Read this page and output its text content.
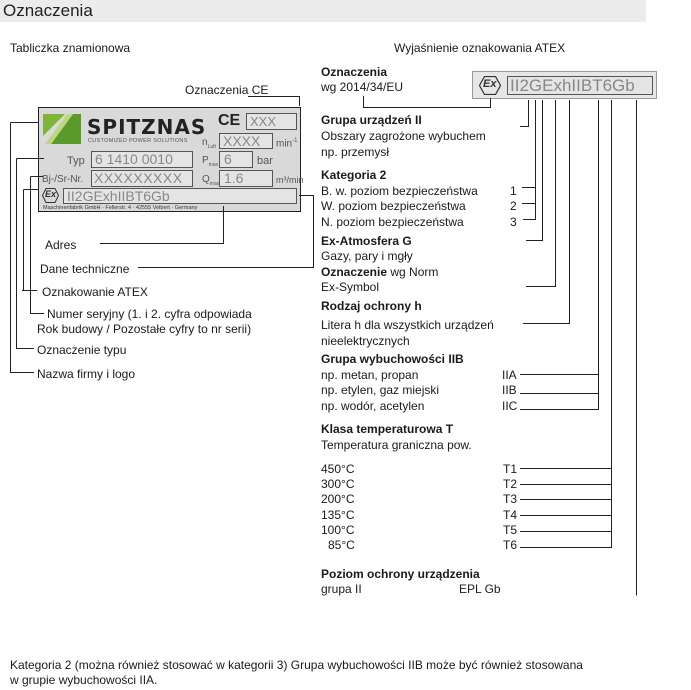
Oznaczenia
Tabliczka znamionowa
Oznaczenia CE
SPITZNAS
CUSTOMIZED POWER SOLUTIONS
CE XXX
$n_{Luft}$ XXXX	$\min^{-1}$
Typ 6 1410 0010	$P_{max}$ 6	bar
Bj-/Sr-Nr. XXXXXXXXX	$Q_{max}$ 1.6	m³/min
Ex II2GExhIIBT6Gb
Maschinenfabrik GmbH · Fellerstr. 4 · 42555 Velbert · Germany
Adres
Dane techniczne
Oznakowanie ATEX
Numer seryjny (1. i 2. cyfra odpowiada
Rok budowy / Pozostałe cyfry to nr serii)
Oznaczenie typu
Nazwa firmy i logo
Wyjaśnienie oznakowania ATEX
Ex II2GExhIIBT6Gb
Oznaczenia
wg 2014/34/EU
Grupa urządzeń II
Obszary zagrożone wybuchem
np. przemysł
Kategoria 2
B. w. poziom bezpieczeństwa	1
W. poziom bezpieczeństwa	2
N. poziom bezpieczeństwa	3
Ex-Atmosfera G
Gazy, pary i mgły
Oznaczenie wg Norm
Ex-Symbol
Rodzaj ochrony h
Litera h dla wszystkich urządzeń
nieelektrycznych
Grupa wybuchowości IIB
np. metan, propan	IIA
np. etylen, gaz miejski	IIB
np. wodór, acetylen	IIC
Klasa temperaturowa T
Temperatura graniczna pow.
450°C	T1
300°C	T2
200°C	T3
135°C	T4
100°C	T5
85°C	T6
Poziom ochrony urządzenia
grupa II	EPL Gb
Kategoria 2 (można również stosować w kategorii 3) Grupa wybuchowości IIB może być również stosowana
w grupie wybuchowości IIA.
